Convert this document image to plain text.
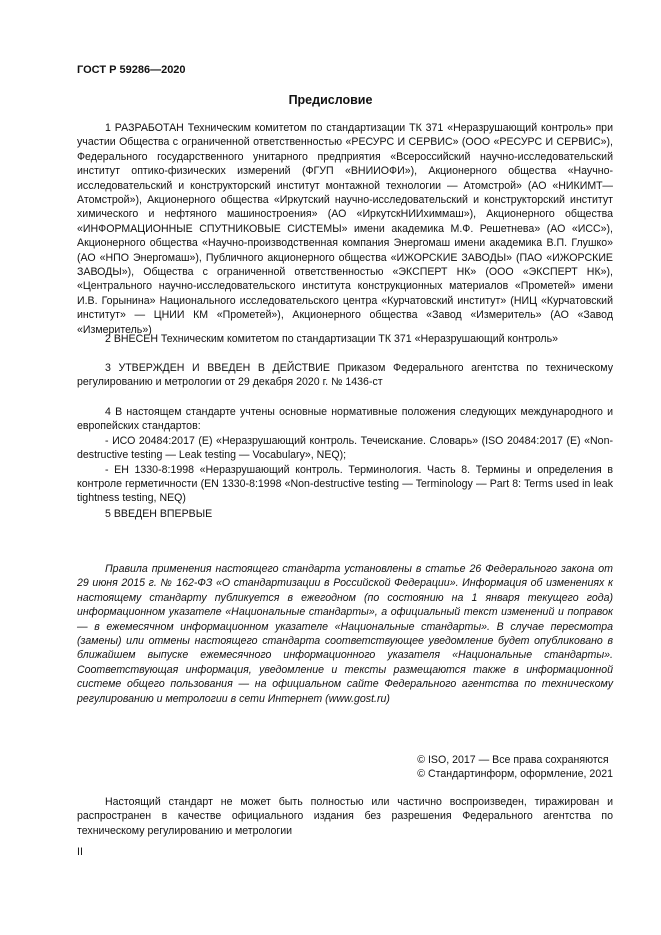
ГОСТ Р 59286—2020
Предисловие

1 РАЗРАБОТАН Техническим комитетом по стандартизации ТК 371 «Неразрушающий контроль» при участии Общества с ограниченной ответственностью «РЕСУРС И СЕРВИС» (ООО «РЕСУРС И СЕРВИС»), Федерального государственного унитарного предприятия «Всероссийский научно-исследовательский институт оптико-физических измерений (ФГУП «ВНИИОФИ»), Акционерного общества «Научно-исследовательский и конструкторский институт монтажной технологии — Атомстрой» (АО «НИКИМТ— Атомстрой»), Акционерного общества «Иркутский научно-исследовательский и конструкторский институт химического и нефтяного машиностроения» (АО «ИркутскНИИхиммаш»), Акционерного общества «ИНФОРМАЦИОННЫЕ СПУТНИКОВЫЕ СИСТЕМЫ» имени академика М.Ф. Решетнева» (АО «ИСС»), Акционерного общества «Научно-производственная компания Энергомаш имени академика В.П. Глушко» (АО «НПО Энергомаш»), Публичного акционерного общества «ИЖОРСКИЕ ЗАВОДЫ» (ПАО «ИЖОРСКИЕ ЗАВОДЫ»), Общества с ограниченной ответственностью «ЭКСПЕРТ НК» (ООО «ЭКСПЕРТ НК»), «Центрального научно-исследовательского института конструкционных материалов «Прометей» имени И.В. Горынина» Национального исследовательского центра «Курчатовский институт» (НИЦ «Курчатовский институт» — ЦНИИ КМ «Прометей»), Акционерного общества «Завод «Измеритель» (АО «Завод «Измеритель»)

2 ВНЕСЕН Техническим комитетом по стандартизации ТК 371 «Неразрушающий контроль»

3 УТВЕРЖДЕН И ВВЕДЕН В ДЕЙСТВИЕ Приказом Федерального агентства по техническому регулированию и метрологии от 29 декабря 2020 г. № 1436-ст

4 В настоящем стандарте учтены основные нормативные положения следующих международного и европейских стандартов:

- ИСО 20484:2017 (E) «Неразрушающий контроль. Течеискание. Словарь» (ISO 20484:2017 (E) «Non-destructive testing — Leak testing — Vocabulary», NEQ);

- ЕН 1330-8:1998 «Неразрушающий контроль. Терминология. Часть 8. Термины и определения в контроле герметичности (EN 1330-8:1998 «Non-destructive testing — Terminology — Part 8: Terms used in leak tightness testing, NEQ)

5 ВВЕДЕН ВПЕРВЫЕ

Правила применения настоящего стандарта установлены в статье 26 Федерального закона от 29 июня 2015 г. № 162-ФЗ «О стандартизации в Российской Федерации». Информация об изменениях к настоящему стандарту публикуется в ежегодном (по состоянию на 1 января текущего года) информационном указателе «Национальные стандарты», а официальный текст изменений и поправок — в ежемесячном информационном указателе «Национальные стандарты». В случае пересмотра (замены) или отмены настоящего стандарта соответствующее уведомление будет опубликовано в ближайшем выпуске ежемесячного информационного указателя «Национальные стандарты». Соответствующая информация, уведомление и тексты размещаются также в информационной системе общего пользования — на официальном сайте Федерального агентства по техническому регулированию и метрологии в сети Интернет (www.gost.ru)

© ISO, 2017 — Все права сохраняются
© Стандартинформ, оформление, 2021

Настоящий стандарт не может быть полностью или частично воспроизведен, тиражирован и распространен в качестве официального издания без разрешения Федерального агентства по техническому регулированию и метрологии

II
